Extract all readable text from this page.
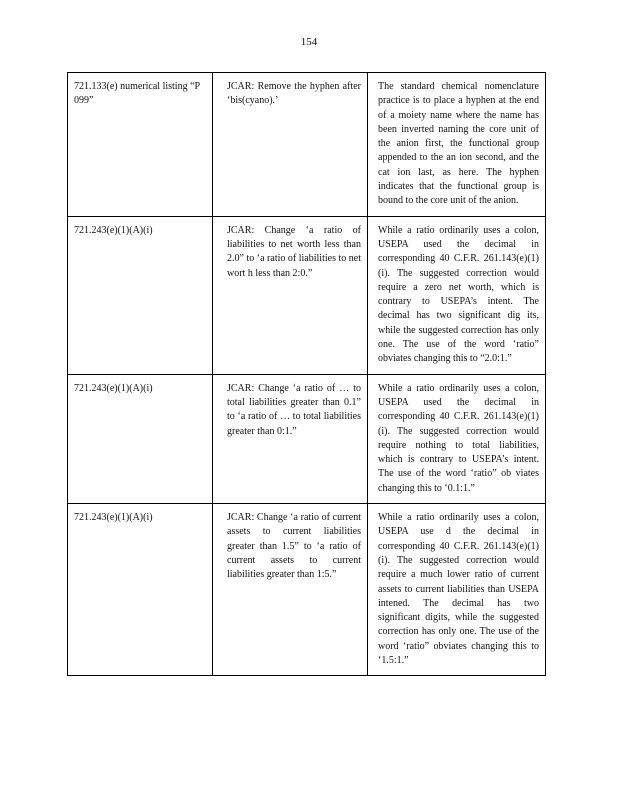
154
721.133(e) numerical listing “P 099”	JCAR: Remove the hyphen after ‘bis(cyano).’	The standard chemical nomenclature practice is to place a hyphen at the end of a moiety name where the name has been inverted naming the core unit of the anion first, the functional group appended to the an ion second, and the cat ion last, as here. The hyphen indicates that the functional group is bound to the core unit of the anion.
721.243(e)(1)(A)(i)	JCAR: Change ‘a ratio of liabilities to net worth less than 2.0” to ‘a ratio of liabilities to net wort h less than 2:0.”	While a ratio ordinarily uses a colon, USEPA used the decimal in corresponding 40 C.F.R. 261.143(e)(1)(i). The suggested correction would require a zero net worth, which is contrary to USEPA’s intent. The decimal has two significant dig its, while the suggested correction has only one. The use of the word ‘ratio” obviates changing this to “2.0:1.”
721.243(e)(1)(A)(i)	JCAR: Change ‘a ratio of … to total liabilities greater than 0.1” to ‘a ratio of … to total liabilities greater than 0:1.”	While a ratio ordinarily uses a colon, USEPA used the decimal in corresponding 40 C.F.R. 261.143(e)(1)(i). The suggested correction would require nothing to total liabilities, which is contrary to USEPA’s intent. The use of the word ‘ratio” ob viates changing this to ‘0.1:1.”
721.243(e)(1)(A)(i)	JCAR: Change ‘a ratio of current assets to current liabilities greater than 1.5” to ‘a ratio of current assets to current liabilities greater than 1:5.”	While a ratio ordinarily uses a colon, USEPA use d the decimal in corresponding 40 C.F.R. 261.143(e)(1)(i). The suggested correction would require a much lower ratio of current assets to current liabilities than USEPA intened. The decimal has two significant digits, while the suggested correction has only one. The use of the word ‘ratio” obviates changing this to ‘1.5:1.”
